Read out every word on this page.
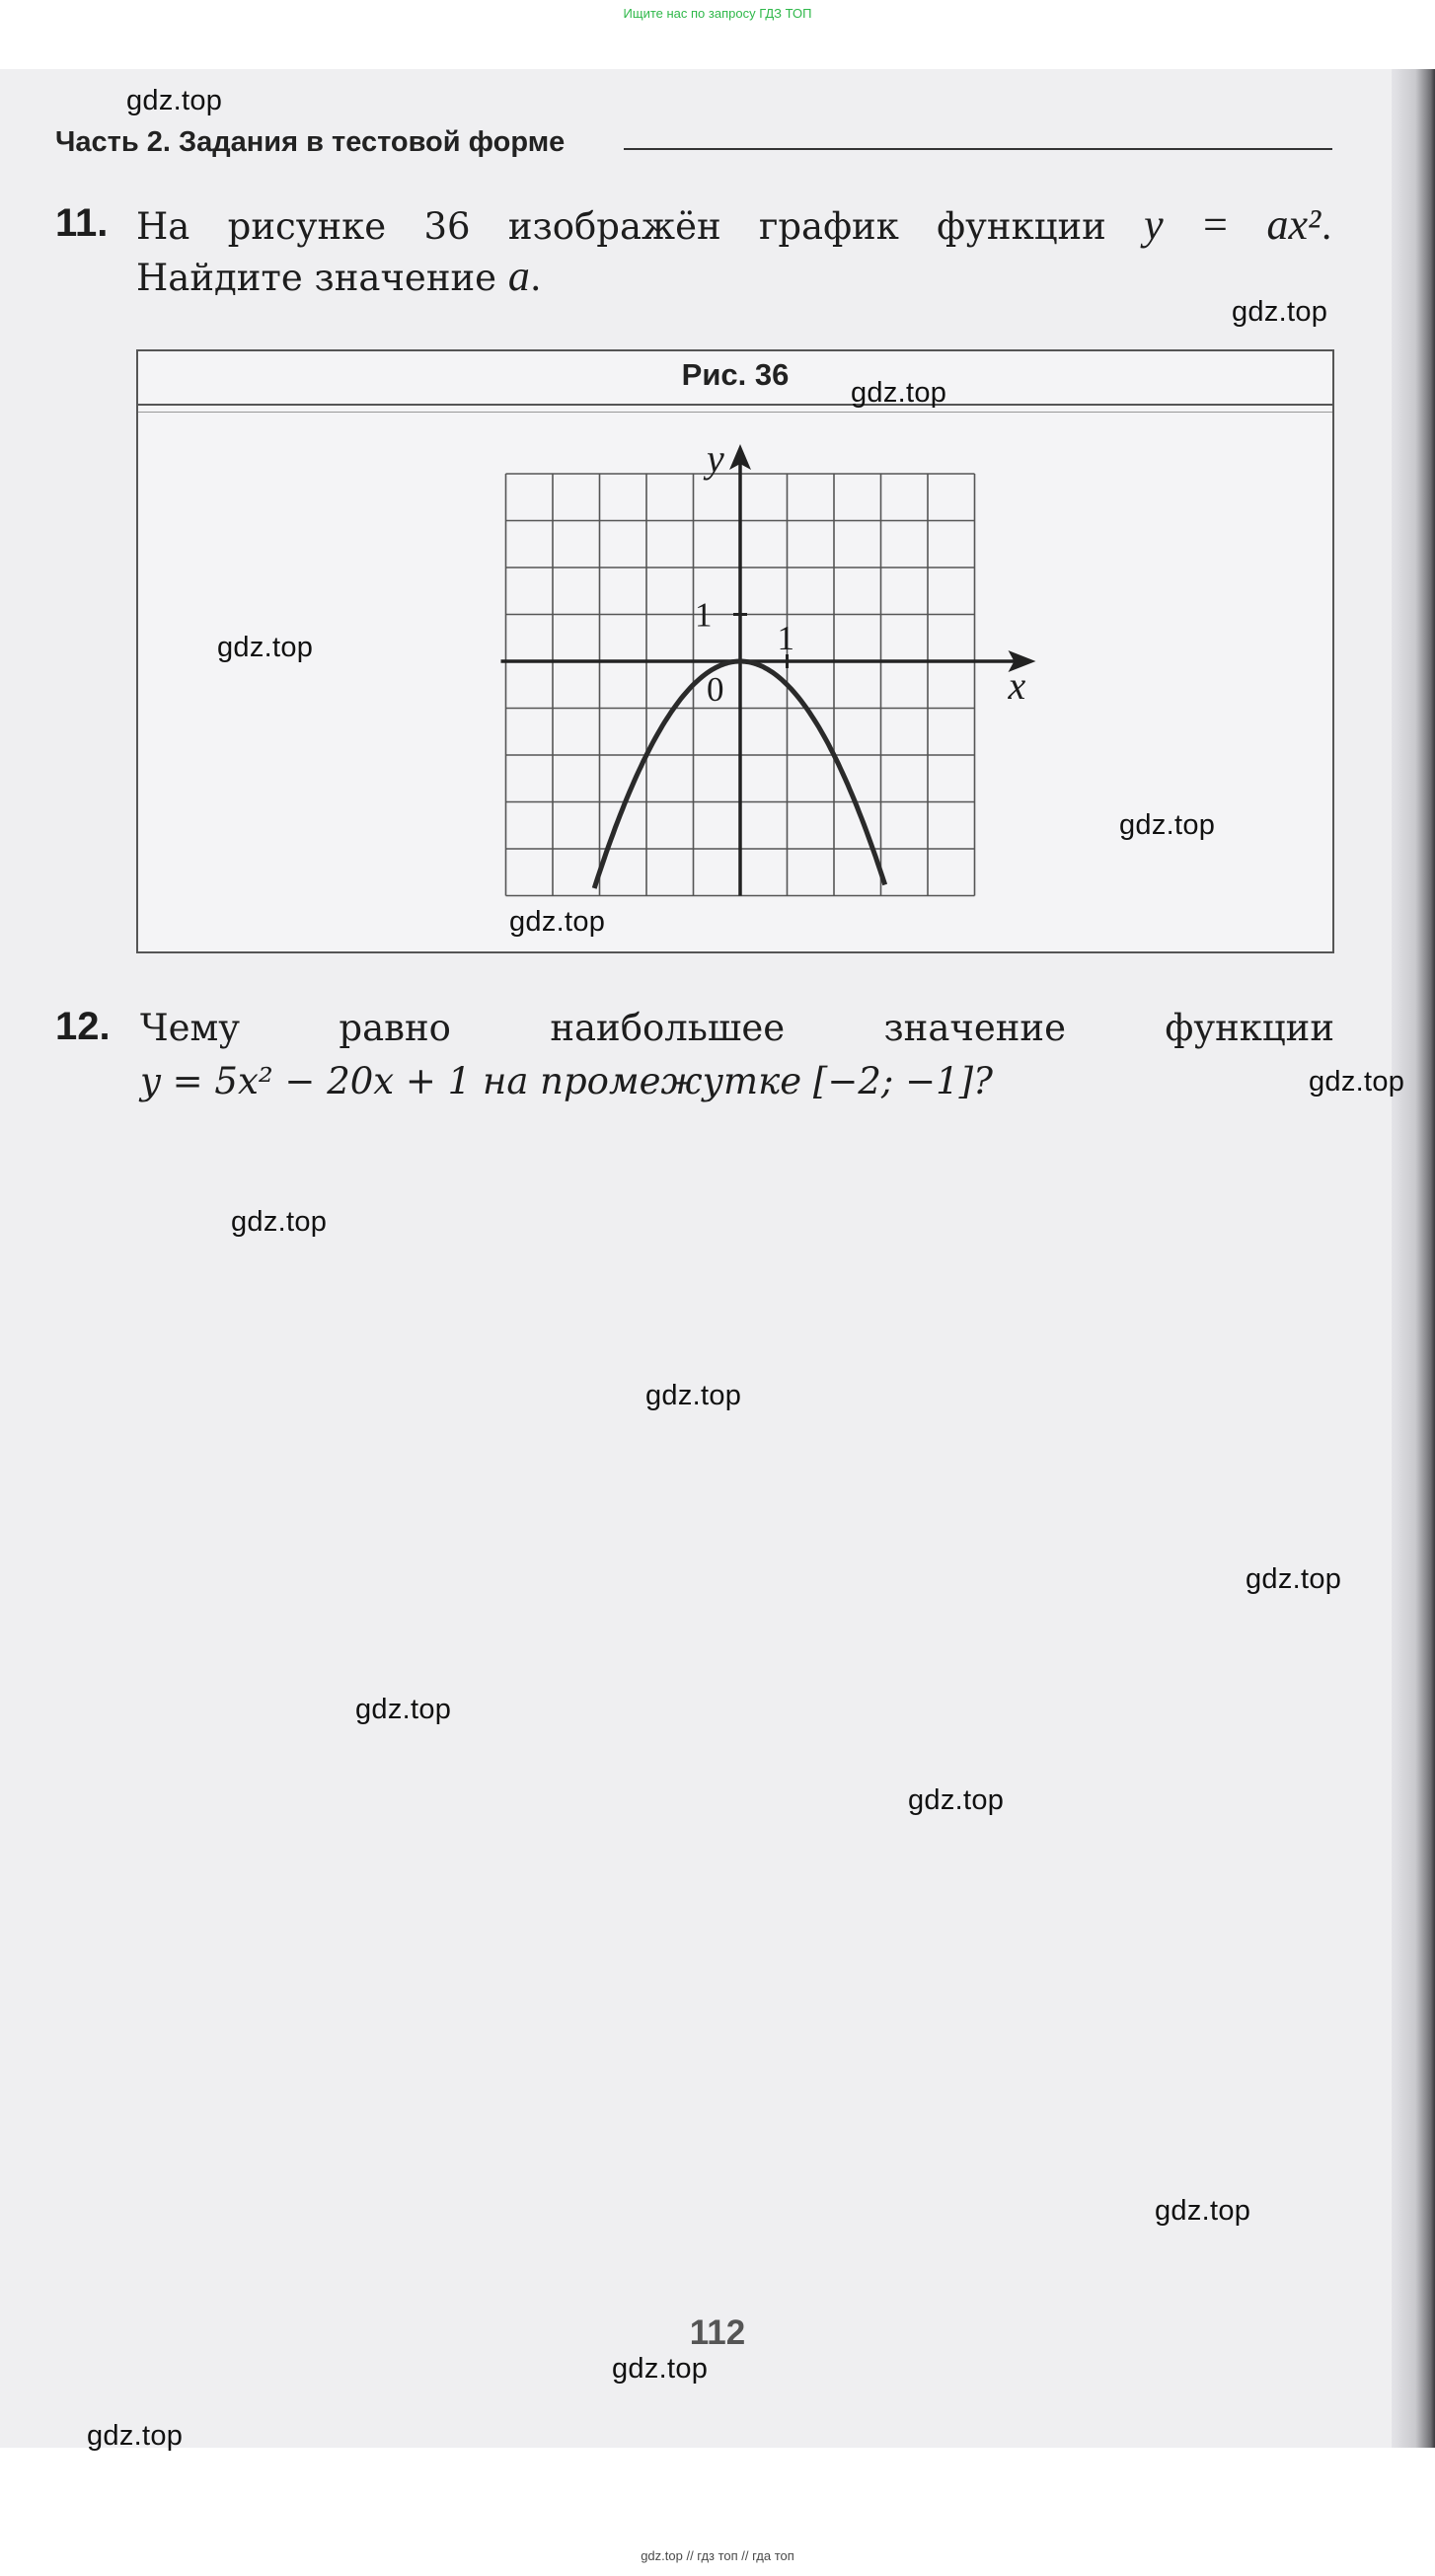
Ищите нас по запросу ГДЗ ТОП
Часть 2. Задания в тестовой форме
11. На рисунке 36 изображён график функции y = ax².
Найдите значение a.
Рис. 36
x
y
0
1
1
12. Чему равно наибольшее значение функции
y = 5x² − 20x + 1 на промежутке [−2; −1]?
112
gdz.top
gdz.top
gdz.top
gdz.top
gdz.top
gdz.top
gdz.top
gdz.top
gdz.top
gdz.top
gdz.top
gdz.top
gdz.top
gdz.top
gdz.top
gdz.top // гдз топ // гда топ
